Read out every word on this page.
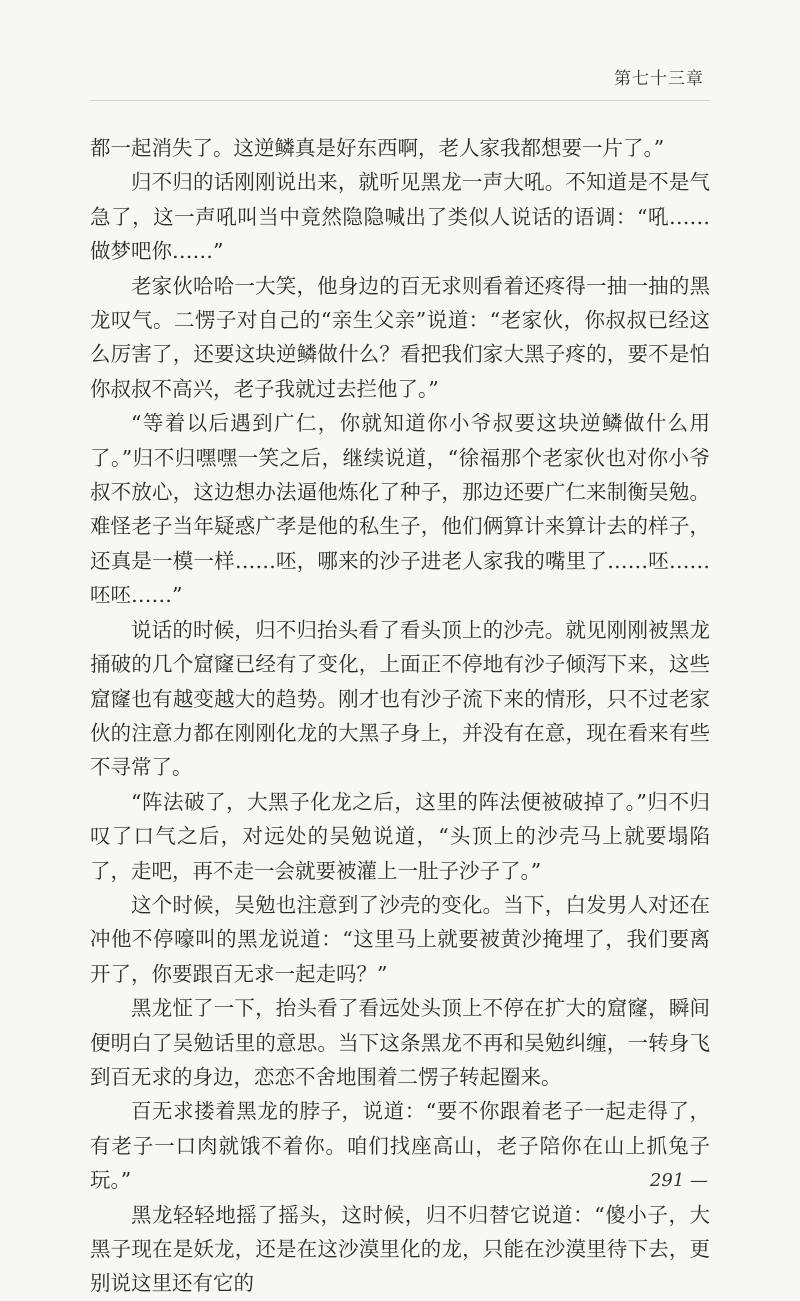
第七十三章

都一起消失了。这逆鳞真是好东西啊，老人家我都想要一片了。”

归不归的话刚刚说出来，就听见黑龙一声大吼。不知道是不是气急了，这一声吼叫当中竟然隐隐喊出了类似人说话的语调：“吼……做梦吧你……”

老家伙哈哈一大笑，他身边的百无求则看着还疼得一抽一抽的黑龙叹气。二愣子对自己的“亲生父亲”说道：“老家伙，你叔叔已经这么厉害了，还要这块逆鳞做什么？看把我们家大黑子疼的，要不是怕你叔叔不高兴，老子我就过去拦他了。”

“等着以后遇到广仁，你就知道你小爷叔要这块逆鳞做什么用了。”归不归嘿嘿一笑之后，继续说道，“徐福那个老家伙也对你小爷叔不放心，这边想办法逼他炼化了种子，那边还要广仁来制衡吴勉。难怪老子当年疑惑广孝是他的私生子，他们俩算计来算计去的样子，还真是一模一样……呸，哪来的沙子进老人家我的嘴里了……呸……呸呸……”

说话的时候，归不归抬头看了看头顶上的沙壳。就见刚刚被黑龙捅破的几个窟窿已经有了变化，上面正不停地有沙子倾泻下来，这些窟窿也有越变越大的趋势。刚才也有沙子流下来的情形，只不过老家伙的注意力都在刚刚化龙的大黑子身上，并没有在意，现在看来有些不寻常了。

“阵法破了，大黑子化龙之后，这里的阵法便被破掉了。”归不归叹了口气之后，对远处的吴勉说道，“头顶上的沙壳马上就要塌陷了，走吧，再不走一会就要被灌上一肚子沙子了。”

这个时候，吴勉也注意到了沙壳的变化。当下，白发男人对还在冲他不停嚎叫的黑龙说道：“这里马上就要被黄沙掩埋了，我们要离开了，你要跟百无求一起走吗？”

黑龙怔了一下，抬头看了看远处头顶上不停在扩大的窟窿，瞬间便明白了吴勉话里的意思。当下这条黑龙不再和吴勉纠缠，一转身飞到百无求的身边，恋恋不舍地围着二愣子转起圈来。

百无求搂着黑龙的脖子，说道：“要不你跟着老子一起走得了，有老子一口肉就饿不着你。咱们找座高山，老子陪你在山上抓兔子玩。”

黑龙轻轻地摇了摇头，这时候，归不归替它说道：“傻小子，大黑子现在是妖龙，还是在这沙漠里化的龙，只能在沙漠里待下去，更别说这里还有它的

291 —
